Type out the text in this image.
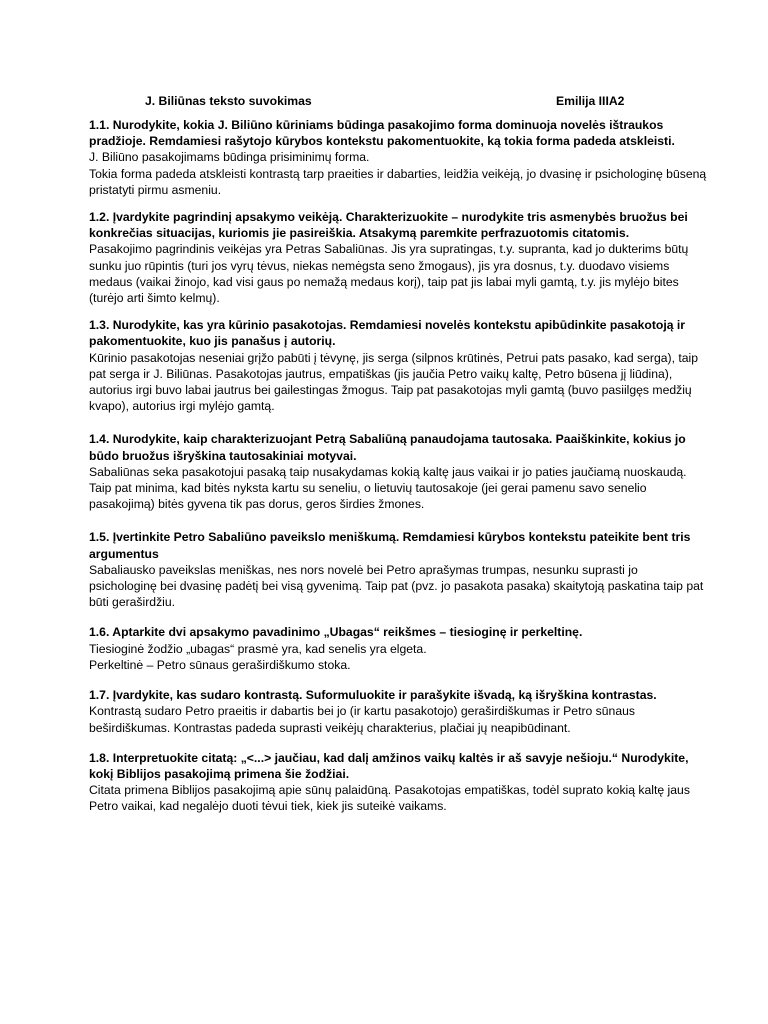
J. Biliūnas teksto suvokimas	Emilija IIIA2

1.1. Nurodykite, kokia J. Biliūno kūriniams būdinga pasakojimo forma dominuoja novelės ištraukos pradžioje. Remdamiesi rašytojo kūrybos kontekstu pakomentuokite, ką tokia forma padeda atskleisti.

J. Biliūno pasakojimams būdinga prisiminimų forma.

Tokia forma padeda atskleisti kontrastą tarp praeities ir dabarties, leidžia veikėją, jo dvasinę ir psichologinę būseną pristatyti pirmu asmeniu.

1.2. Įvardykite pagrindinį apsakymo veikėją. Charakterizuokite – nurodykite tris asmenybės bruožus bei konkrečias situacijas, kuriomis jie pasireiškia. Atsakymą paremkite perfrazuotomis citatomis.

Pasakojimo pagrindinis veikėjas yra Petras Sabaliūnas. Jis yra supratingas, t.y. supranta, kad jo dukterims būtų sunku juo rūpintis (turi jos vyrų tėvus, niekas nemėgsta seno žmogaus), jis yra dosnus, t.y. duodavo visiems medaus (vaikai žinojo, kad visi gaus po nemažą medaus korį), taip pat jis labai myli gamtą, t.y. jis mylėjo bites (turėjo arti šimto kelmų).

1.3. Nurodykite, kas yra kūrinio pasakotojas. Remdamiesi novelės kontekstu apibūdinkite pasakotoją ir pakomentuokite, kuo jis panašus į autorių.

Kūrinio pasakotojas neseniai grįžo pabūti į tėvynę, jis serga (silpnos krūtinės, Petrui pats pasako, kad serga), taip pat serga ir J. Biliūnas. Pasakotojas jautrus, empatiškas (jis jaučia Petro vaikų kaltę, Petro būsena jį liūdina), autorius irgi buvo labai jautrus bei gailestingas žmogus. Taip pat pasakotojas myli gamtą (buvo pasiilgęs medžių kvapo), autorius irgi mylėjo gamtą.

1.4. Nurodykite, kaip charakterizuojant Petrą Sabaliūną panaudojama tautosaka. Paaiškinkite, kokius jo būdo bruožus išryškina tautosakiniai motyvai.

Sabaliūnas seka pasakotojui pasaką taip nusakydamas kokią kaltę jaus vaikai ir jo paties jaučiamą nuoskaudą. Taip pat minima, kad bitės nyksta kartu su seneliu, o lietuvių tautosakoje (jei gerai pamenu savo senelio pasakojimą) bitės gyvena tik pas dorus, geros širdies žmones.

1.5. Įvertinkite Petro Sabaliūno paveikslo meniškumą. Remdamiesi kūrybos kontekstu pateikite bent tris argumentus

Sabaliausko paveikslas meniškas, nes nors novelė bei Petro aprašymas trumpas, nesunku suprasti jo psichologinę bei dvasinę padėtį bei visą gyvenimą. Taip pat (pvz. jo pasakota pasaka) skaitytoją paskatina taip pat būti geraširdžiu.

1.6. Aptarkite dvi apsakymo pavadinimo „Ubagas“ reikšmes – tiesioginę ir perkeltinę.

Tiesioginė žodžio „ubagas“ prasmė yra, kad senelis yra elgeta.

Perkeltinė – Petro sūnaus geraširdiškumo stoka.

1.7. Įvardykite, kas sudaro kontrastą. Suformuluokite ir parašykite išvadą, ką išryškina kontrastas.

Kontrastą sudaro Petro praeitis ir dabartis bei jo (ir kartu pasakotojo) geraširdiškumas ir Petro sūnaus beširdiškumas. Kontrastas padeda suprasti veikėjų charakterius, plačiai jų neapibūdinant.

1.8. Interpretuokite citatą: „<...> jaučiau, kad dalį amžinos vaikų kaltės ir aš savyje nešioju.“ Nurodykite, kokį Biblijos pasakojimą primena šie žodžiai.

Citata primena Biblijos pasakojimą apie sūnų palaidūną. Pasakotojas empatiškas, todėl suprato kokią kaltę jaus Petro vaikai, kad negalėjo duoti tėvui tiek, kiek jis suteikė vaikams.
